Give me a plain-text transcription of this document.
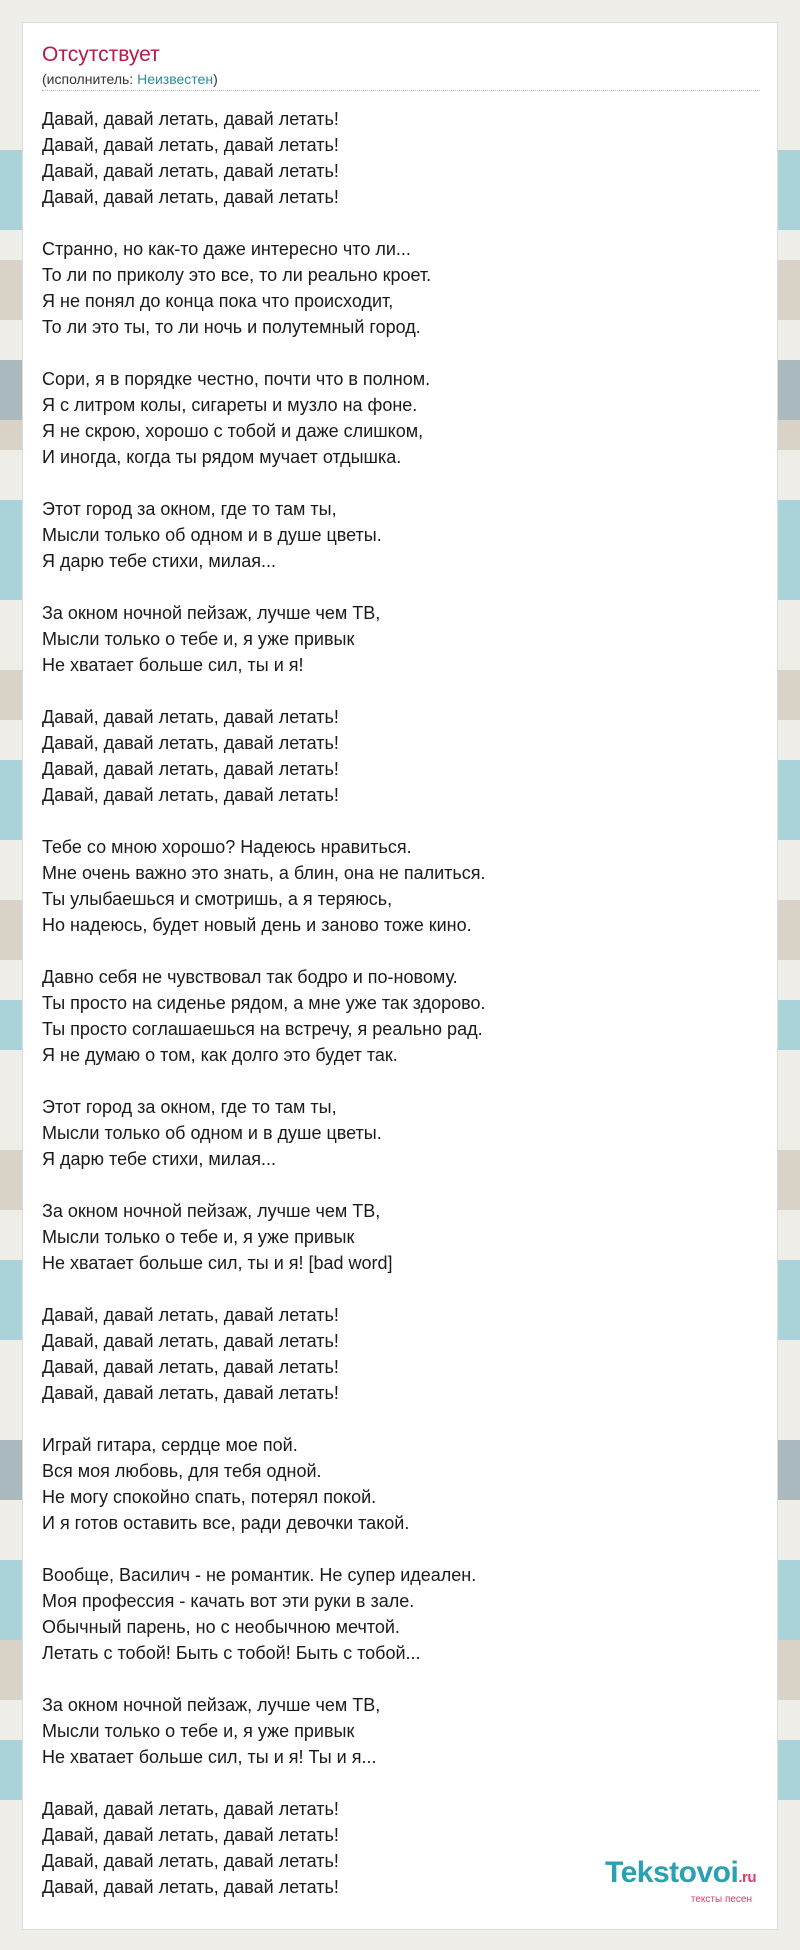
Отсутствует
(исполнитель: Неизвестен)
Давай, давай летать, давай летать!
Давай, давай летать, давай летать!
Давай, давай летать, давай летать!
Давай, давай летать, давай летать!
Странно, но как-то даже интересно что ли...
То ли по приколу это все, то ли реально кроет.
Я не понял до конца пока что происходит,
То ли это ты, то ли ночь и полутемный город.
Сори, я в порядке честно, почти что в полном.
Я с литром колы, сигареты и музло на фоне.
Я не скрою, хорошо с тобой и даже слишком,
И иногда, когда ты рядом мучает отдышка.
Этот город за окном, где то там ты,
Мысли только об одном и в душе цветы.
Я дарю тебе стихи, милая...
За окном ночной пейзаж, лучше чем ТВ,
Мысли только о тебе и, я уже привык
Не хватает больше сил, ты и я!
Давай, давай летать, давай летать!
Давай, давай летать, давай летать!
Давай, давай летать, давай летать!
Давай, давай летать, давай летать!
Тебе со мною хорошо? Надеюсь нравиться.
Мне очень важно это знать, а блин, она не палиться.
Ты улыбаешься и смотришь, а я теряюсь,
Но надеюсь, будет новый день и заново тоже кино.
Давно себя не чувствовал так бодро и по-новому.
Ты просто на сиденье рядом, а мне уже так здорово.
Ты просто соглашаешься на встречу, я реально рад.
Я не думаю о том, как долго это будет так.
Этот город за окном, где то там ты,
Мысли только об одном и в душе цветы.
Я дарю тебе стихи, милая...
За окном ночной пейзаж, лучше чем ТВ,
Мысли только о тебе и, я уже привык
Не хватает больше сил, ты и я! [bad word]
Давай, давай летать, давай летать!
Давай, давай летать, давай летать!
Давай, давай летать, давай летать!
Давай, давай летать, давай летать!
Играй гитара, сердце мое пой.
Вся моя любовь, для тебя одной.
Не могу спокойно спать, потерял покой.
И я готов оставить все, ради девочки такой.
Вообще, Василич - не романтик. Не супер идеален.
Моя профессия - качать вот эти руки в зале.
Обычный парень, но с необычною мечтой.
Летать с тобой! Быть с тобой! Быть с тобой...
За окном ночной пейзаж, лучше чем ТВ,
Мысли только о тебе и, я уже привык
Не хватает больше сил, ты и я! Ты и я...
Давай, давай летать, давай летать!
Давай, давай летать, давай летать!
Давай, давай летать, давай летать!
Давай, давай летать, давай летать!	Tekstovoi.ru
тексты песен
